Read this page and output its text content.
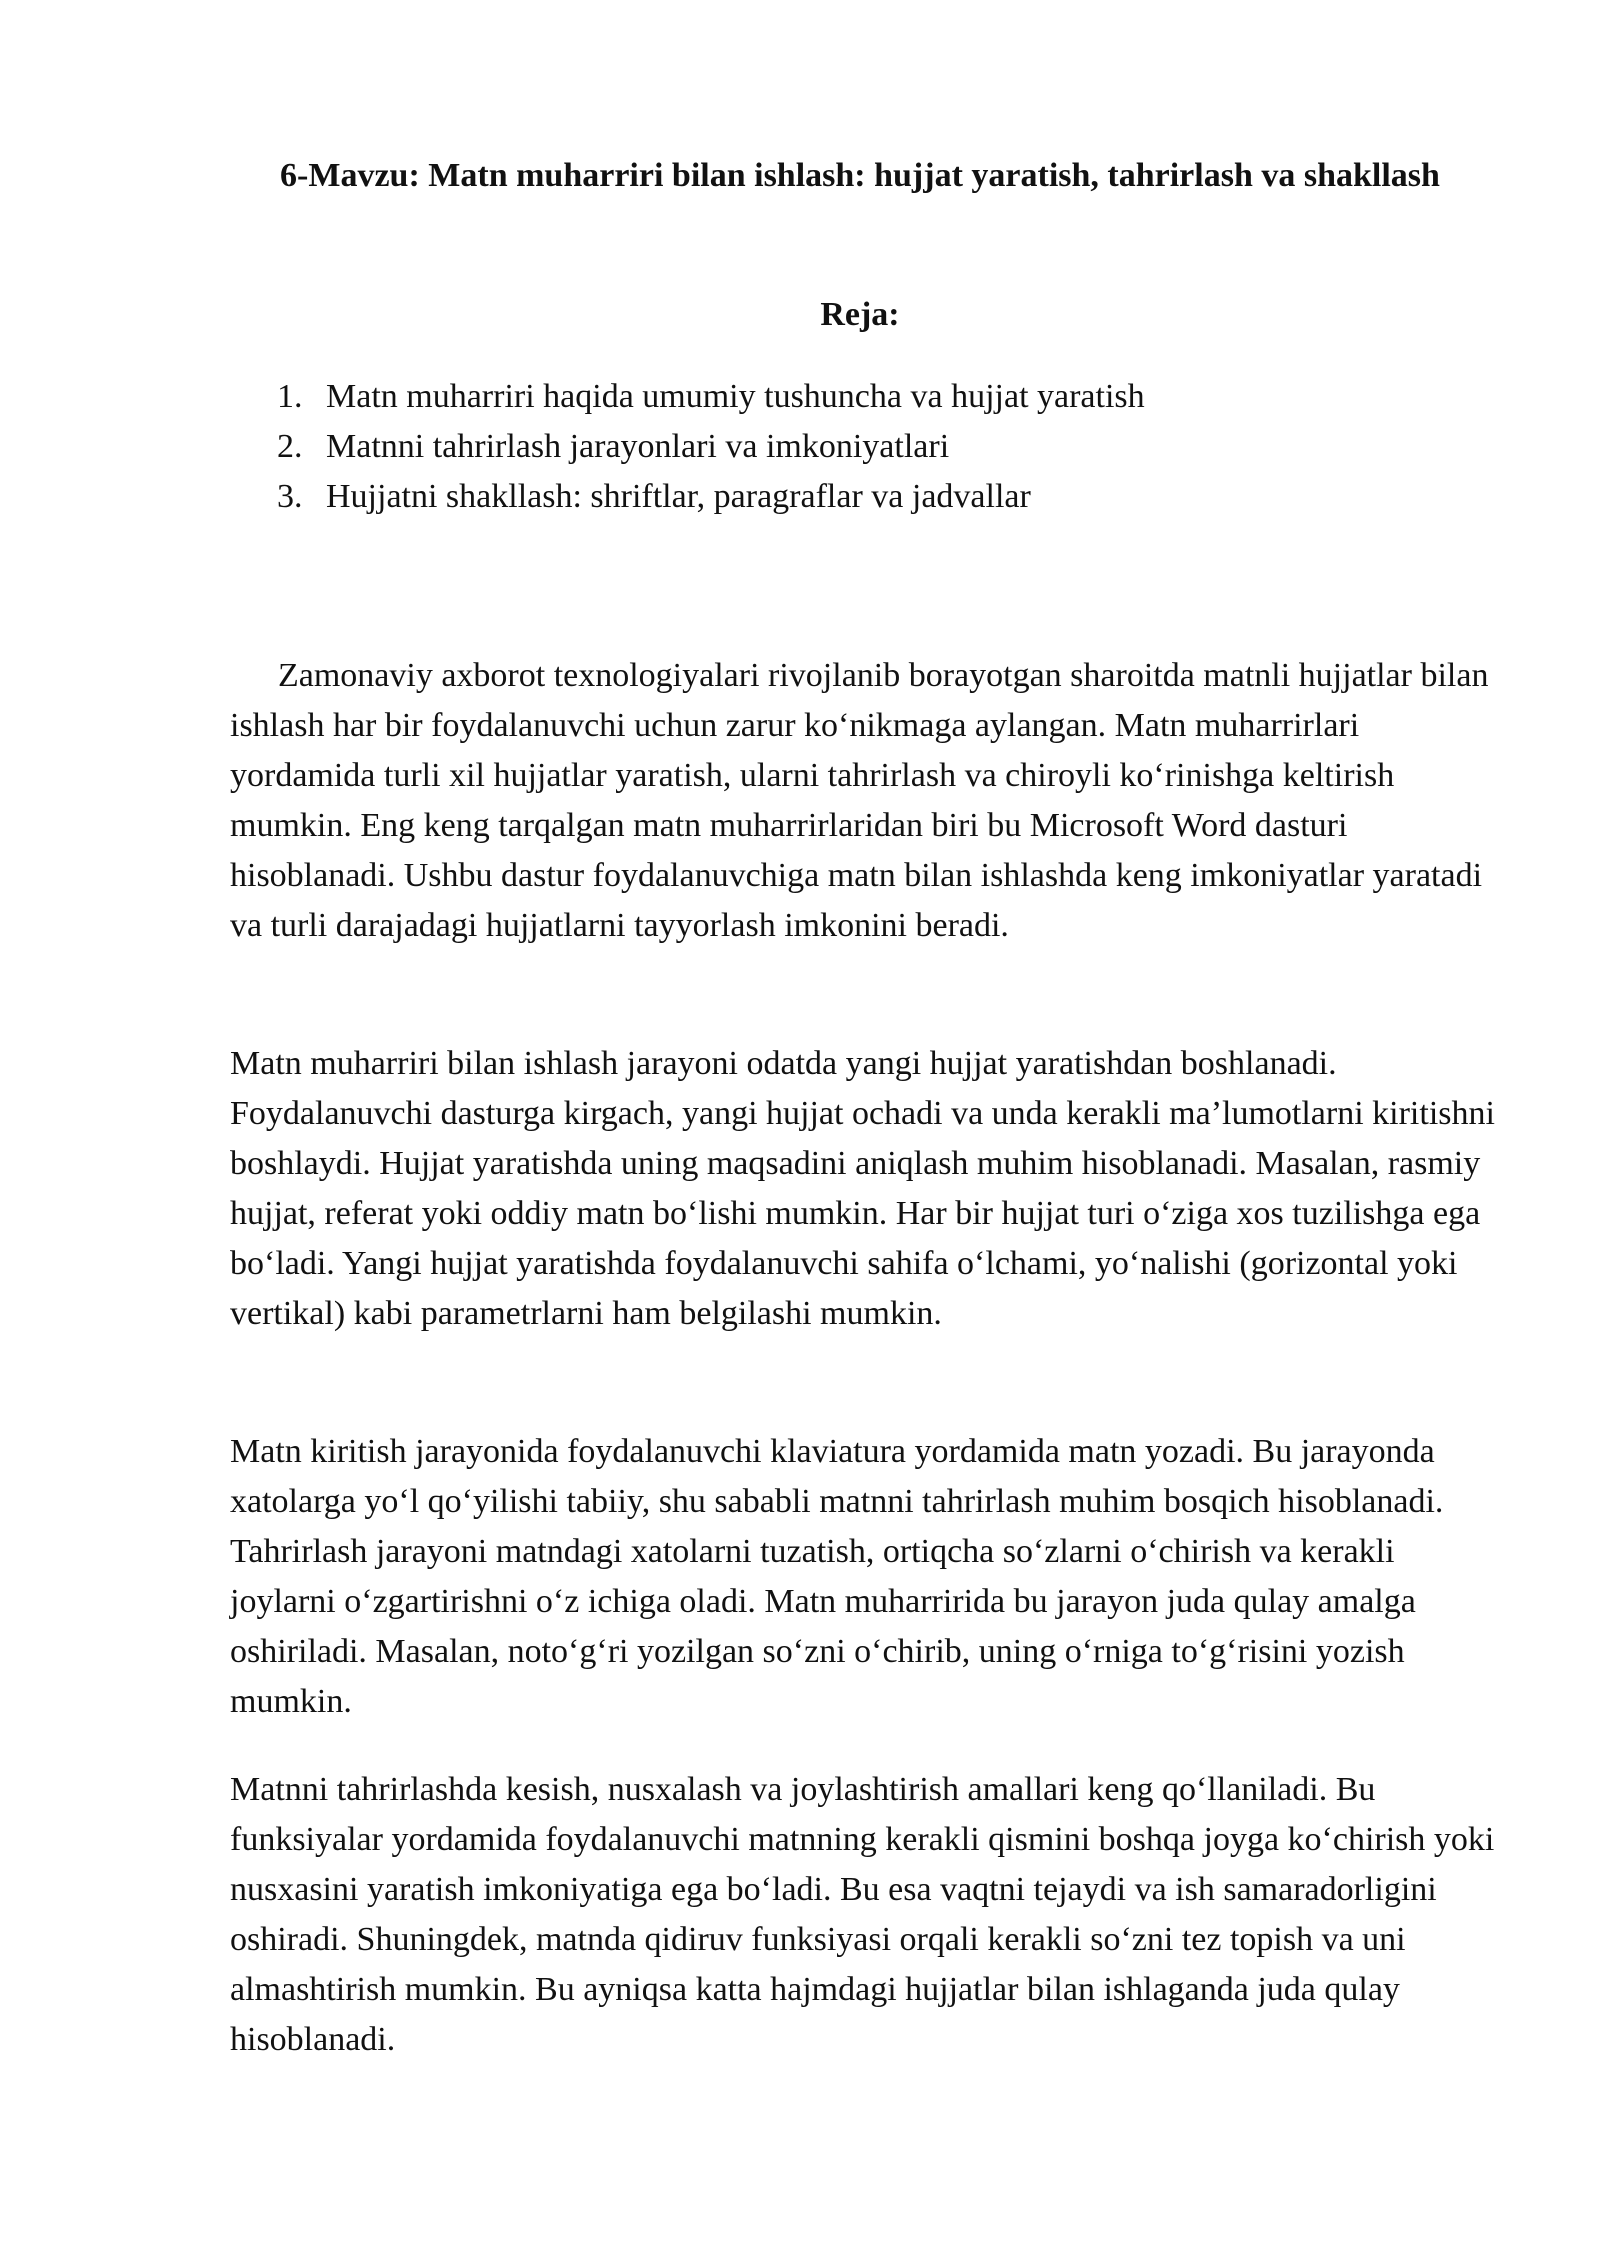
6-Mavzu: Matn muharriri bilan ishlash: hujjat yaratish, tahrirlash va shakllash
Reja:
1. Matn muharriri haqida umumiy tushuncha va hujjat yaratish
2. Matnni tahrirlash jarayonlari va imkoniyatlari
3. Hujjatni shakllash: shriftlar, paragraflar va jadvallar

Zamonaviy axborot texnologiyalari rivojlanib borayotgan sharoitda matnli hujjatlar bilan ishlash har bir foydalanuvchi uchun zarur ko‘nikmaga aylangan. Matn muharrirlari yordamida turli xil hujjatlar yaratish, ularni tahrirlash va chiroyli ko‘rinishga keltirish mumkin. Eng keng tarqalgan matn muharrirlaridan biri bu Microsoft Word dasturi hisoblanadi. Ushbu dastur foydalanuvchiga matn bilan ishlashda keng imkoniyatlar yaratadi va turli darajadagi hujjatlarni tayyorlash imkonini beradi.

Matn muharriri bilan ishlash jarayoni odatda yangi hujjat yaratishdan boshlanadi. Foydalanuvchi dasturga kirgach, yangi hujjat ochadi va unda kerakli ma’lumotlarni kiritishni boshlaydi. Hujjat yaratishda uning maqsadini aniqlash muhim hisoblanadi. Masalan, rasmiy hujjat, referat yoki oddiy matn bo‘lishi mumkin. Har bir hujjat turi o‘ziga xos tuzilishga ega bo‘ladi. Yangi hujjat yaratishda foydalanuvchi sahifa o‘lchami, yo‘nalishi (gorizontal yoki vertikal) kabi parametrlarni ham belgilashi mumkin.

Matn kiritish jarayonida foydalanuvchi klaviatura yordamida matn yozadi. Bu jarayonda xatolarga yo‘l qo‘yilishi tabiiy, shu sababli matnni tahrirlash muhim bosqich hisoblanadi. Tahrirlash jarayoni matndagi xatolarni tuzatish, ortiqcha so‘zlarni o‘chirish va kerakli joylarni o‘zgartirishni o‘z ichiga oladi. Matn muharririda bu jarayon juda qulay amalga oshiriladi. Masalan, noto‘g‘ri yozilgan so‘zni o‘chirib, uning o‘rniga to‘g‘risini yozish mumkin.

Matnni tahrirlashda kesish, nusxalash va joylashtirish amallari keng qo‘llaniladi. Bu funksiyalar yordamida foydalanuvchi matnning kerakli qismini boshqa joyga ko‘chirish yoki nusxasini yaratish imkoniyatiga ega bo‘ladi. Bu esa vaqtni tejaydi va ish samaradorligini oshiradi. Shuningdek, matnda qidiruv funksiyasi orqali kerakli so‘zni tez topish va uni almashtirish mumkin. Bu ayniqsa katta hajmdagi hujjatlar bilan ishlaganda juda qulay hisoblanadi.
